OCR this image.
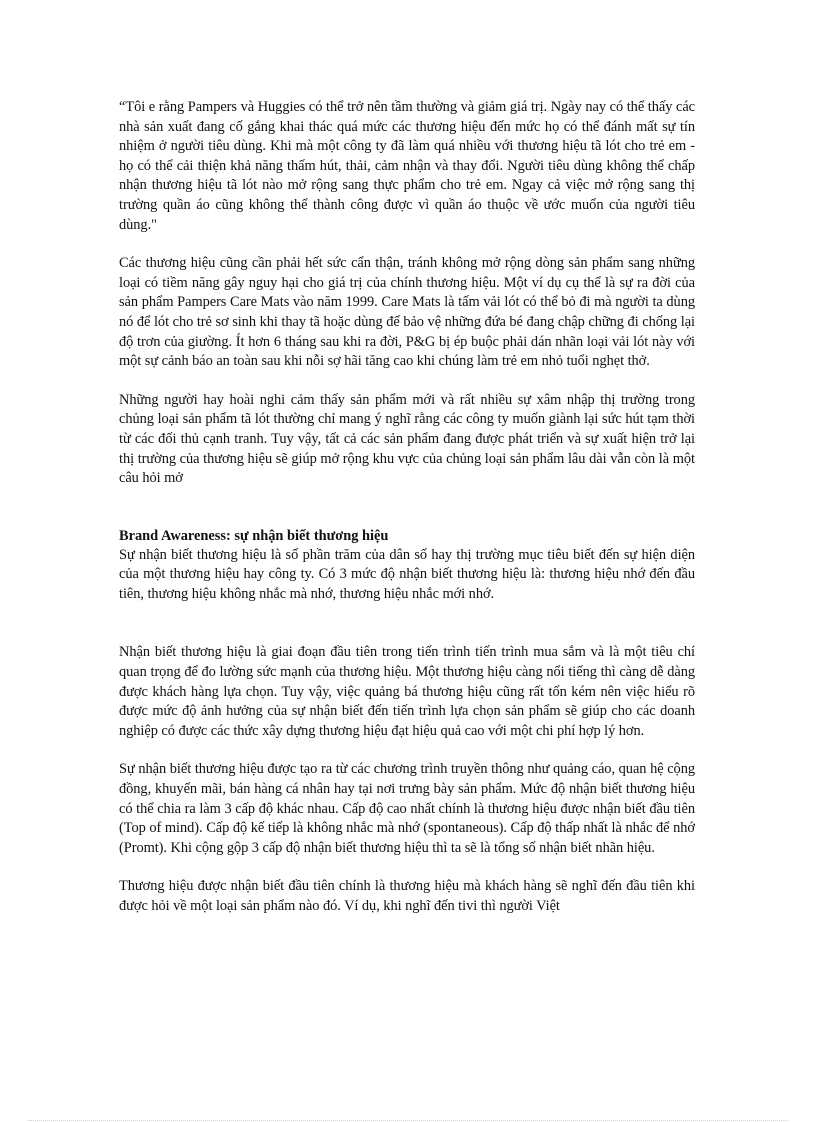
“Tôi e rằng Pampers và Huggies có thể trở nên tầm thường và giảm giá trị. Ngày nay có thể thấy các nhà sản xuất đang cố gắng khai thác quá mức các thương hiệu đến mức họ có thể đánh mất sự tín nhiệm ở người tiêu dùng. Khi mà một công ty đã làm quá nhiều với thương hiệu tã lót cho trẻ em - họ có thể cải thiện khả năng thấm hút, thải, cảm nhận và thay đổi. Người tiêu dùng không thể chấp nhận thương hiệu tã lót nào mở rộng sang thực phẩm cho trẻ em. Ngay cả việc mở rộng sang thị trường quần áo cũng không thể thành công được vì quần áo thuộc về ước muốn của người tiêu dùng."

Các thương hiệu cũng cần phải hết sức cẩn thận, tránh không mở rộng dòng sản phẩm sang những loại có tiềm năng gây nguy hại cho giá trị của chính thương hiệu. Một ví dụ cụ thể là sự ra đời của sản phẩm Pampers Care Mats vào năm 1999. Care Mats là tấm vải lót có thể bỏ đi mà người ta dùng nó để lót cho trẻ sơ sinh khi thay tã hoặc dùng để bảo vệ những đứa bé đang chập chững đi chống lại độ trơn của giường. Ít hơn 6 tháng sau khi ra đời, P&G bị ép buộc phải dán nhãn loại vải lót này với một sự cảnh báo an toàn sau khi nỗi sợ hãi tăng cao khi chúng làm trẻ em nhỏ tuổi nghẹt thở.

Những người hay hoài nghi cảm thấy sản phẩm mới và rất nhiều sự xâm nhập thị trường trong chủng loại sản phẩm tã lót thường chỉ mang ý nghĩ rằng các công ty muốn giành lại sức hút tạm thời từ các đối thủ cạnh tranh. Tuy vậy, tất cả các sản phẩm đang được phát triển và sự xuất hiện trở lại thị trường của thương hiệu sẽ giúp mở rộng khu vực của chủng loại sản phẩm lâu dài vẫn còn là một câu hỏi mở

Brand Awareness: sự nhận biết thương hiệu

Sự nhận biết thương hiệu là số phần trăm của dân số hay thị trường mục tiêu biết đến sự hiện diện của một thương hiệu hay công ty. Có 3 mức độ nhận biết thương hiệu là: thương hiệu nhớ đến đầu tiên, thương hiệu không nhắc mà nhớ, thương hiệu nhắc mới nhớ.

Nhận biết thương hiệu là giai đoạn đầu tiên trong tiến trình tiến trình mua sắm và là một tiêu chí quan trọng để đo lường sức mạnh của thương hiệu. Một thương hiệu càng nổi tiếng thì càng dễ dàng được khách hàng lựa chọn. Tuy vậy, việc quảng bá thương hiệu cũng rất tốn kém nên việc hiểu rõ được mức độ ảnh hưởng của sự nhận biết đến tiến trình lựa chọn sản phẩm sẽ giúp cho các doanh nghiệp có được các thức xây dựng thương hiệu đạt hiệu quả cao với một chi phí hợp lý hơn.

Sự nhận biết thương hiệu được tạo ra từ các chương trình truyền thông như quảng cáo, quan hệ cộng đồng, khuyến mãi, bán hàng cá nhân hay tại nơi trưng bày sản phẩm. Mức độ nhận biết thương hiệu có thể chia ra làm 3 cấp độ khác nhau. Cấp độ cao nhất chính là thương hiệu được nhận biết đầu tiên (Top of mind). Cấp độ kế tiếp là không nhắc mà nhớ (spontaneous). Cấp độ thấp nhất là nhắc để nhớ (Promt). Khi cộng gộp 3 cấp độ nhận biết thương hiệu thì ta sẽ là tổng số nhận biết nhãn hiệu.

Thương hiệu được nhận biết đầu tiên chính là thương hiệu mà khách hàng sẽ nghĩ đến đầu tiên khi được hỏi về một loại sản phẩm nào đó. Ví dụ, khi nghĩ đến tivi thì người Việt
